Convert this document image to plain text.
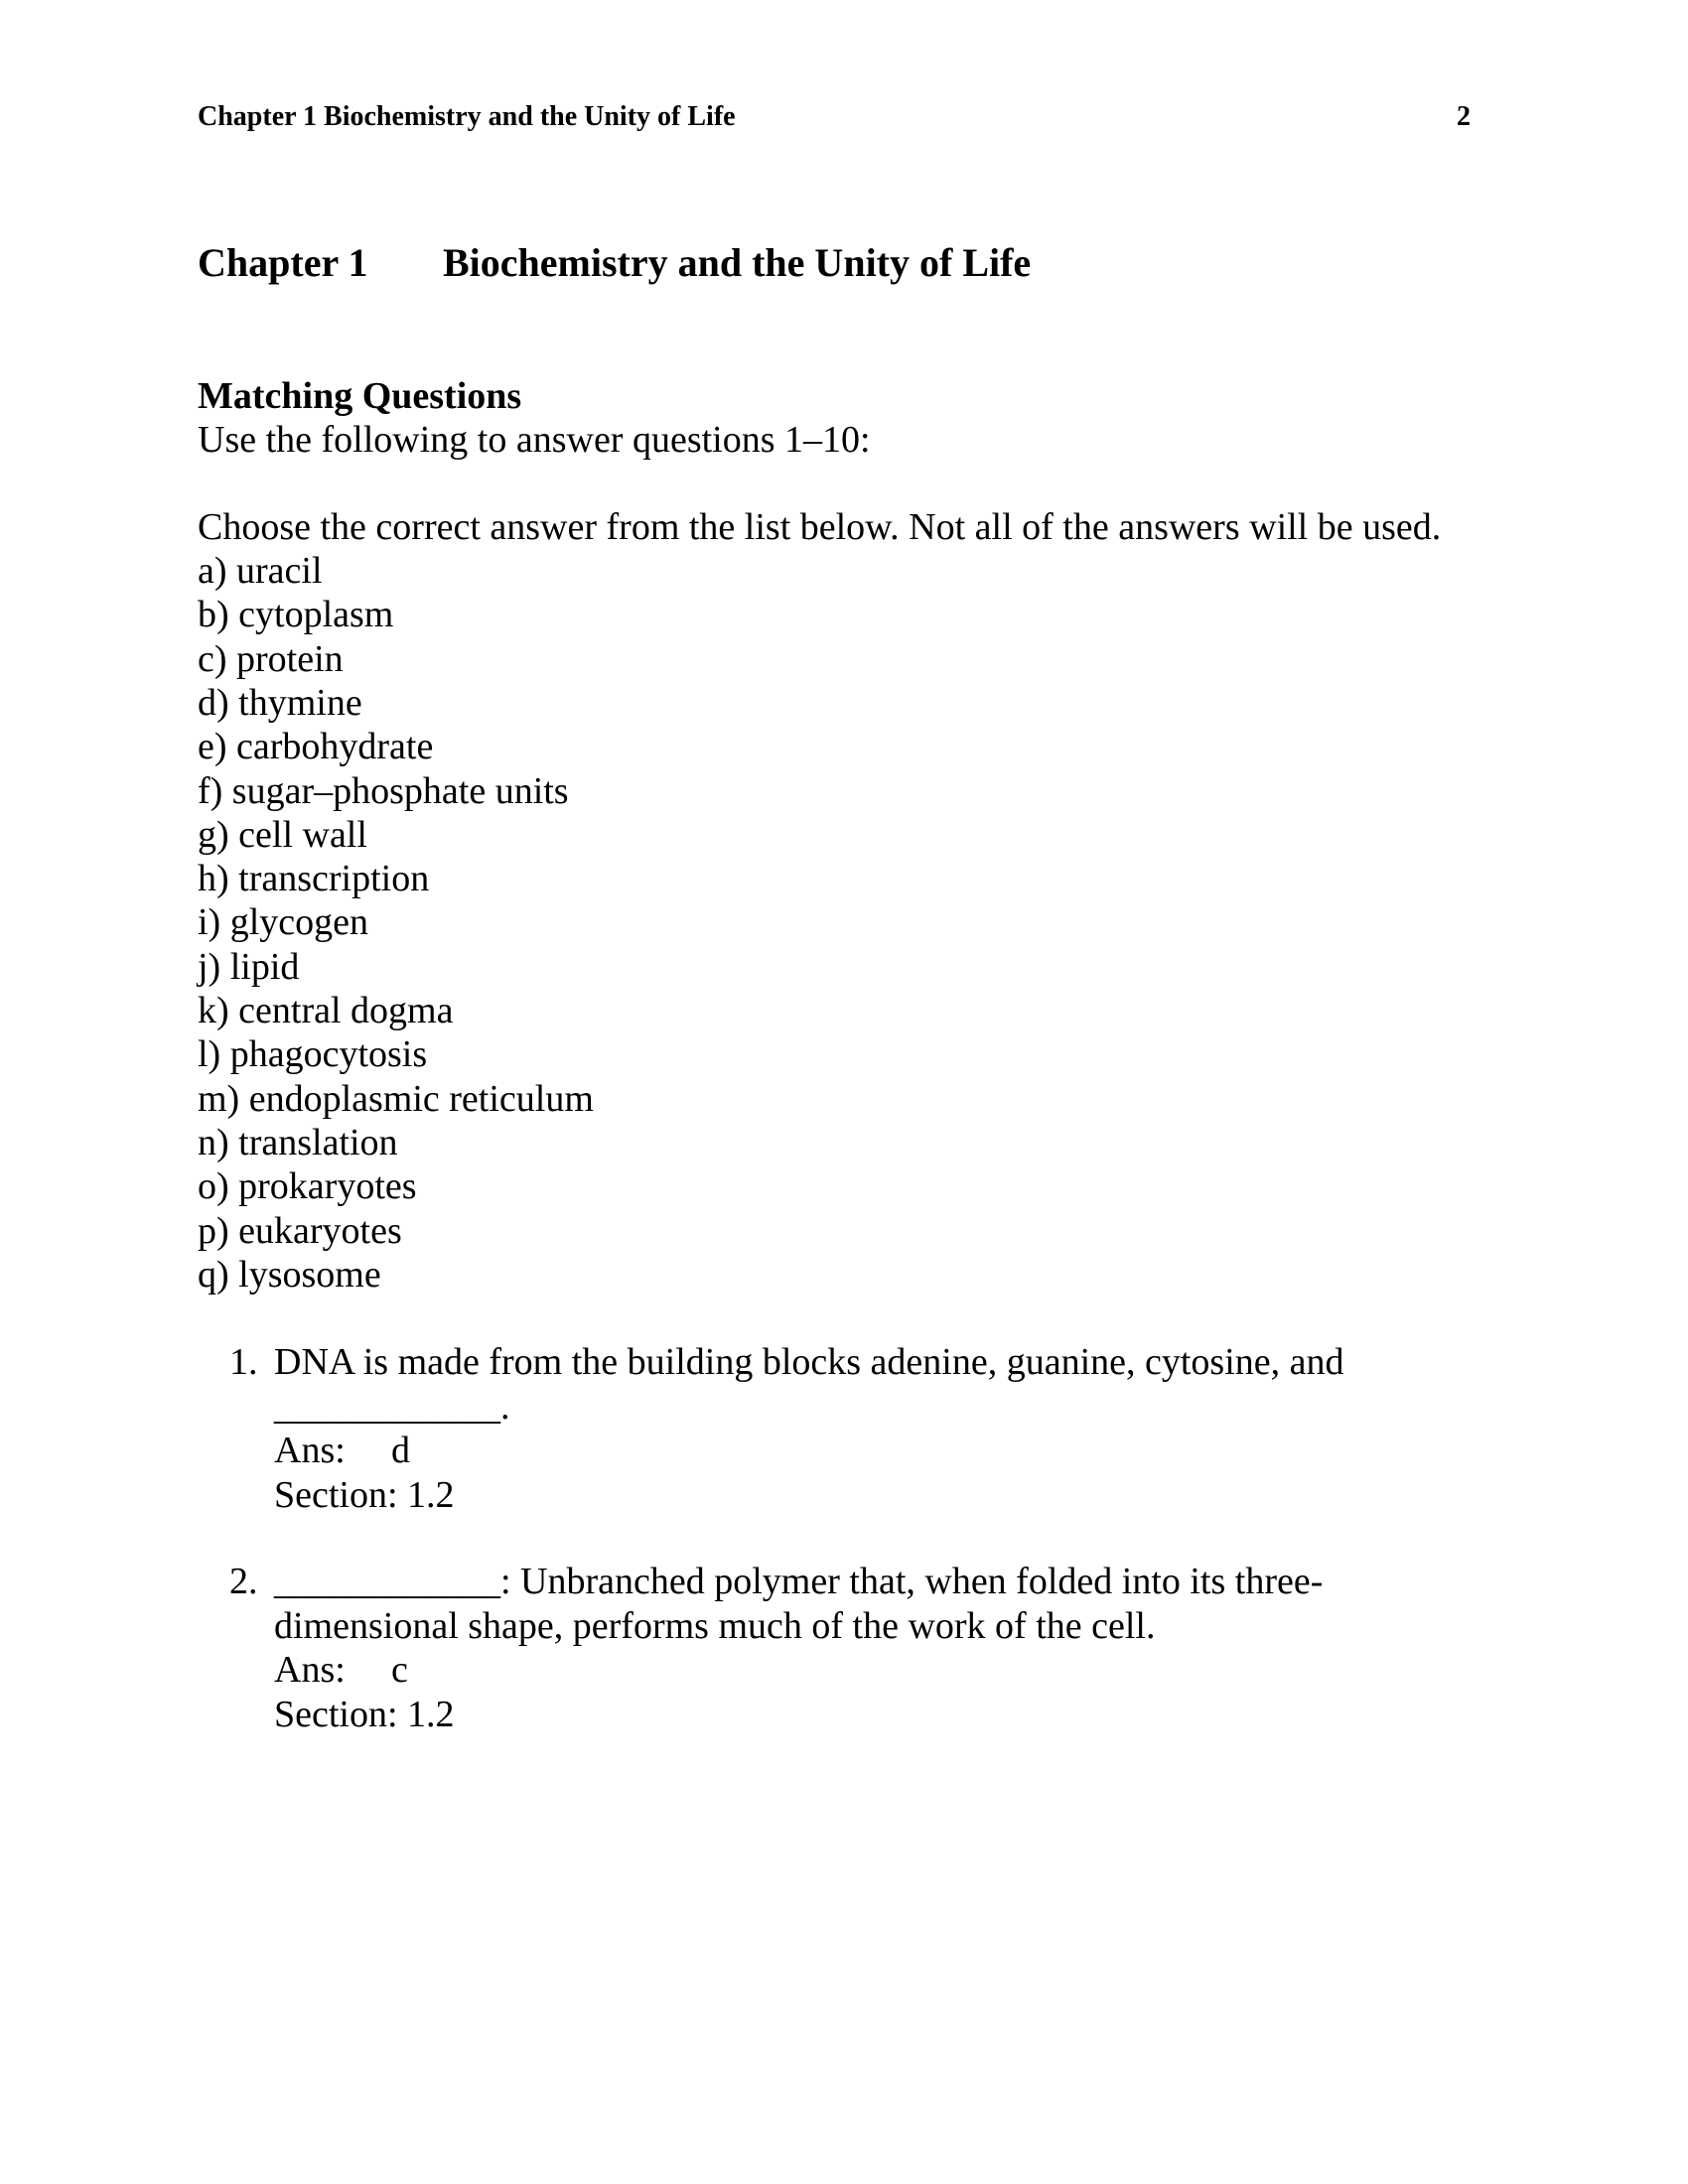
Chapter 1 Biochemistry and the Unity of Life	2
Chapter 1 Biochemistry and the Unity of Life
Matching Questions
Use the following to answer questions 1–10:
Choose the correct answer from the list below. Not all of the answers will be used.
a) uracil
b) cytoplasm
c) protein
d) thymine
e) carbohydrate
f) sugar–phosphate units
g) cell wall
h) transcription
i) glycogen
j) lipid
k) central dogma
l) phagocytosis
m) endoplasmic reticulum
n) translation
o) prokaryotes
p) eukaryotes
q) lysosome
1. DNA is made from the building blocks adenine, guanine, cytosine, and
____________.
Ans: d
Section: 1.2
2. ____________: Unbranched polymer that, when folded into its three-
dimensional shape, performs much of the work of the cell.
Ans: c
Section: 1.2
